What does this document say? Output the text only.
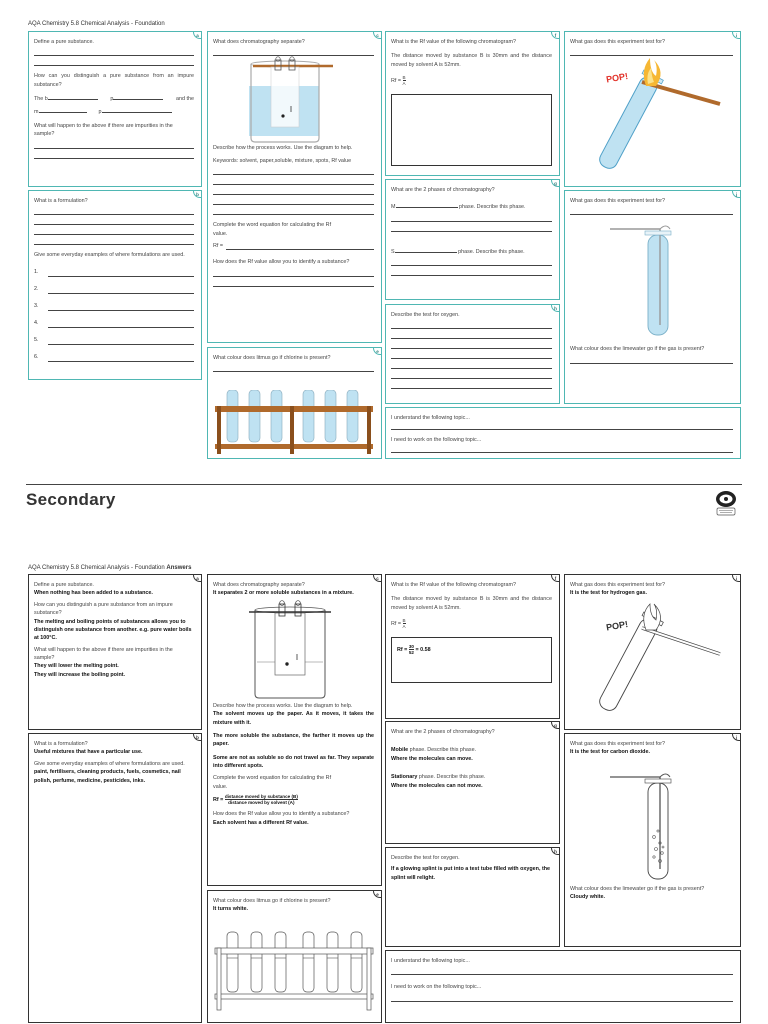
AQA Chemistry 5.8 Chemical Analysis - Foundation
a
Define a pure substance.
How can you distinguish a pure substance from an impure substance?
The b	p	and the
m	p
What will happen to the above if there are impurities in the sample?
b
What is a formulation?
Give some everyday examples of where formulations are used.
1.
2.
3.
4.
5.
6.
c
What does chromatography separate?
Describe how the process works. Use the diagram to help.
Keywords: solvent, paper,soluble, mixture, spots, Rf value
Complete the word equation for calculating the Rf value.
Rf =
How does the Rf value allow you to identify a substance?
e
What colour does litmus go if chlorine is present?
f
What is the Rf value of the following chromatogram?
The distance moved by substance B is 30mm and the distance moved by solvent A is 52mm.
$Rf = \frac{B}{A}$
g
What are the 2 phases of chromatography?
M	phase. Describe this phase.
S	phase. Describe this phase.
h
Describe the test for oxygen.
i
What gas does this experiment test for?
POP!
j
What gas does this experiment test for?
What colour does the limewater go if the gas is present?
I understand the following topic...
I need to work on the following topic...
Secondary
AQA Chemistry 5.8 Chemical Analysis - Foundation Answers
a
Define a pure substance.
When nothing has been added to a substance.
How can you distinguish a pure substance from an impure substance?
The melting and boiling points of substances allows you to distinguish one substance from another. e.g. pure water boils at 100°C.
What will happen to the above if there are impurities in the sample?
They will lower the melting point.
They will increase the boiling point.
b
What is a formulation?
Useful mixtures that have a particular use.
Give some everyday examples of where formulations are used.
paint, fertilisers, cleaning products, fuels, cosmetics, nail polish, perfume, medicine, pesticides, inks.
c
What does chromatography separate?
It separates 2 or more soluble substances in a mixture.
Describe how the process works. Use the diagram to help.
The solvent moves up the paper. As it moves, it takes the mixture with it.
The more soluble the substance, the farther it moves up the paper.
Some are not as soluble so do not travel as far. They separate into different spots.
Complete the word equation for calculating the Rf value.
$Rf = \frac{\text{distance moved by substance (B)}}{\text{distance moved by solvent (A)}}$
How does the Rf value allow you to identify a substance?
Each solvent has a different Rf value.
e
What colour does litmus go if chlorine is present?
It turns white.
f
What is the Rf value of the following chromatogram?
The distance moved by substance B is 30mm and the distance moved by solvent A is 52mm.
$Rf = \frac{B}{A}$
$Rf = \frac{30}{52} = 0.58$
g
What are the 2 phases of chromatography?
Mobile phase. Describe this phase.
Where the molecules can move.
Stationary phase. Describe this phase.
Where the molecules can not move.
h
Describe the test for oxygen.
If a glowing splint is put into a test tube filled with oxygen, the splint will relight.
i
What gas does this experiment test for?
It is the test for hydrogen gas.
POP!
j
What gas does this experiment test for?
It is the test for carbon dioxide.
What colour does the limewater go if the gas is present?
Cloudy white.
I understand the following topic...
I need to work on the following topic...
